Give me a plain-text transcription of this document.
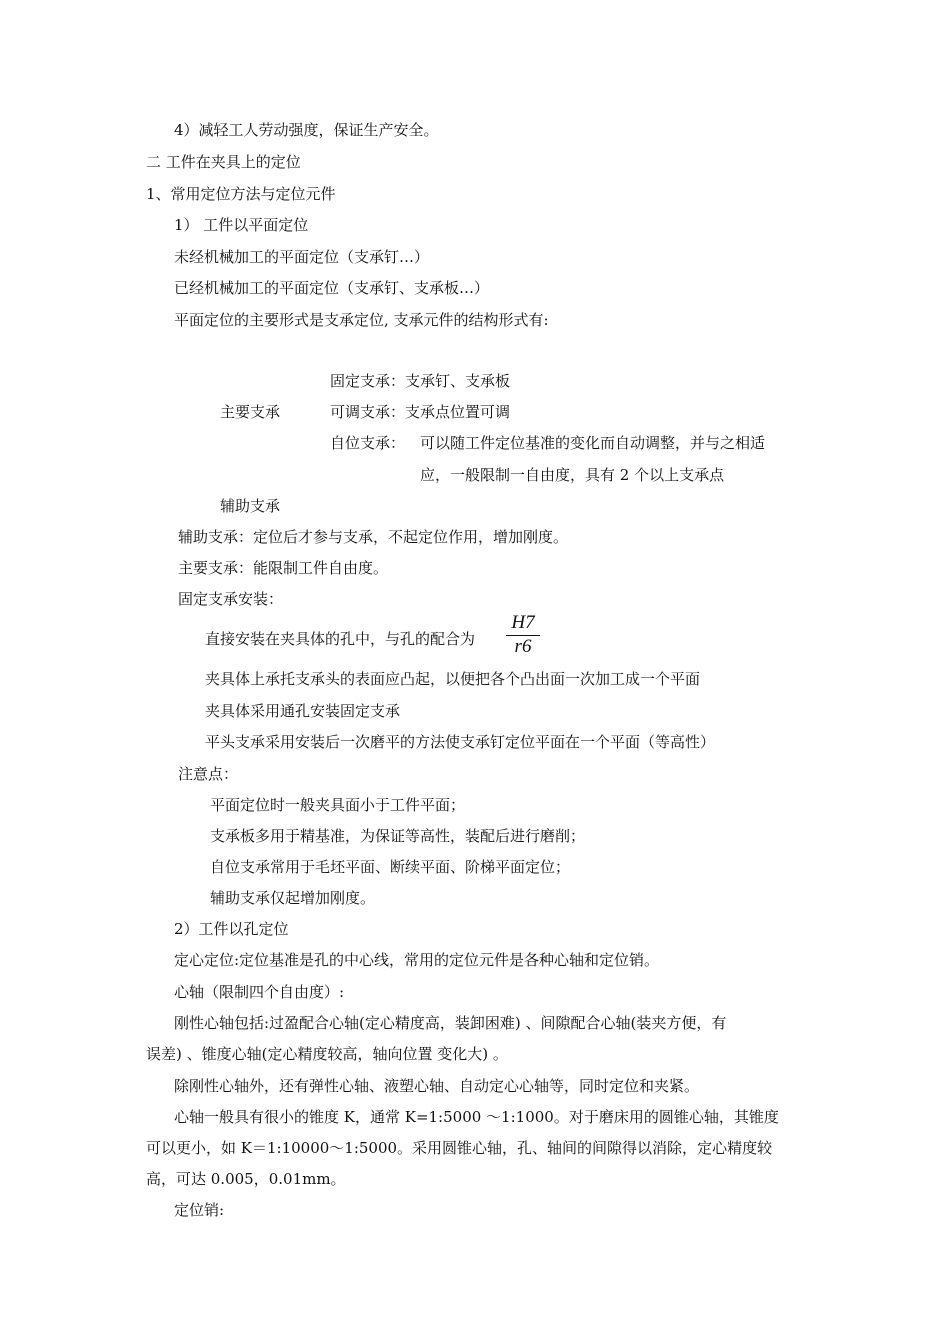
4）减轻工人劳动强度，保证生产安全。
二 工件在夹具上的定位
1、常用定位方法与定位元件
1） 工件以平面定位
未经机械加工的平面定位（支承钉…）
已经机械加工的平面定位（支承钉、支承板…）
平面定位的主要形式是支承定位, 支承元件的结构形式有:
固定支承：支承钉、支承板
主要支承	可调支承：支承点位置可调
自位支承： 可以随工件定位基准的变化而自动调整，并与之相适
应，一般限制一自由度，具有 2 个以上支承点
辅助支承
辅助支承：定位后才参与支承，不起定位作用，增加刚度。
主要支承：能限制工件自由度。
固定支承安装：
直接安装在夹具体的孔中，与孔的配合为
H7
r6
夹具体上承托支承头的表面应凸起，以便把各个凸出面一次加工成一个平面
夹具体采用通孔安装固定支承
平头支承采用安装后一次磨平的方法使支承钉定位平面在一个平面（等高性）
注意点：
平面定位时一般夹具面小于工件平面；
支承板多用于精基准，为保证等高性，装配后进行磨削；
自位支承常用于毛坯平面、断续平面、阶梯平面定位；
辅助支承仅起增加刚度。
2）工件以孔定位
定心定位:定位基准是孔的中心线，常用的定位元件是各种心轴和定位销。
心轴（限制四个自由度）:
刚性心轴包括:过盈配合心轴(定心精度高，装卸困难) 、间隙配合心轴(装夹方便，有
误差) 、锥度心轴(定心精度较高，轴向位置 变化大) 。
除刚性心轴外，还有弹性心轴、液塑心轴、自动定心心轴等，同时定位和夹紧。
心轴一般具有很小的锥度 K，通常 K=1:5000 ～1:1000。对于磨床用的圆锥心轴，其锥度
可以更小，如 K＝1:10000～1:5000。采用圆锥心轴，孔、轴间的间隙得以消除，定心精度较
高，可达 0.005，0.01mm。
定位销:
